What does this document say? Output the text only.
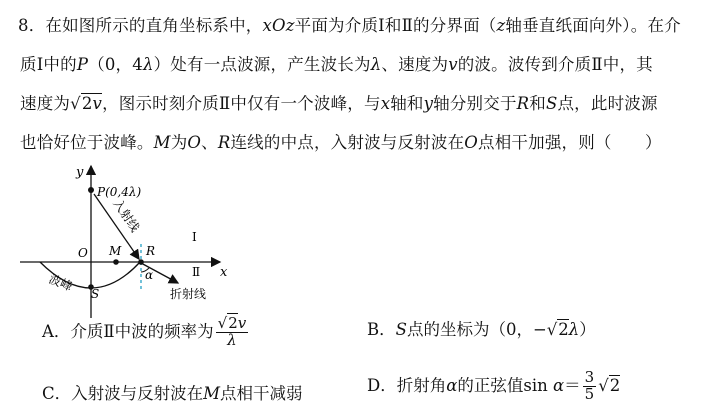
8．在如图所示的直角坐标系中，xOz平面为介质Ⅰ和Ⅱ的分界面（z轴垂直纸面向外）。在介
质Ⅰ中的P（0，4λ）处有一点波源，产生波长为λ、速度为v的波。波传到介质Ⅱ中，其
速度为√2v，图示时刻介质Ⅱ中仅有一个波峰，与x轴和y轴分别交于R和S点，此时波源
也恰好位于波峰。M为O、R连线的中点，入射波与反射波在O点相干加强，则（　　）
y
x
P(0,4λ)
入射线
O M R
Ⅰ
Ⅱ
α
S
波峰
折射线
A．介质Ⅱ中波的频率为 $\frac{√2v}{\lambda}$	B．S点的坐标为（0，−√2λ）
C．入射波与反射波在M点相干减弱	D．折射角α的正弦值$\sin \alpha= \frac{3}{5} √2$
